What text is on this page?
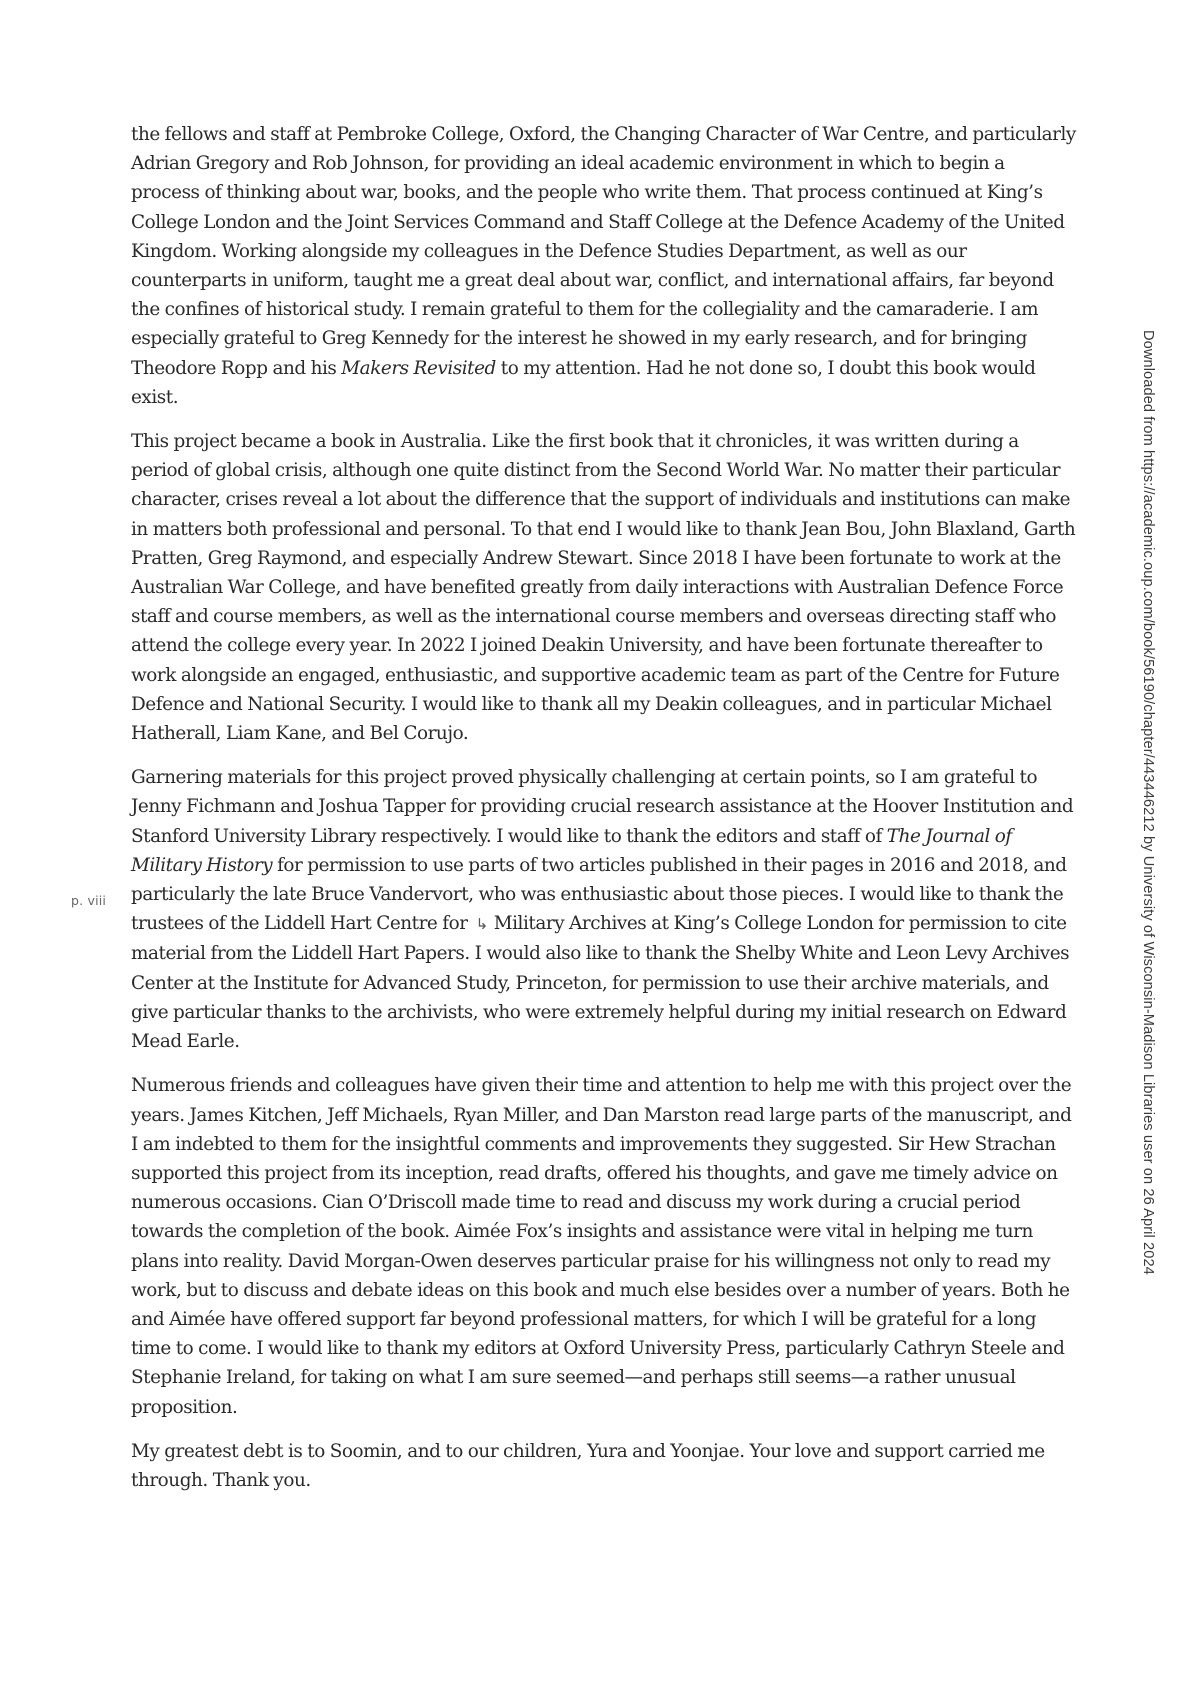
the fellows and staff at Pembroke College, Oxford, the Changing Character of War Centre, and particularly Adrian Gregory and Rob Johnson, for providing an ideal academic environment in which to begin a process of thinking about war, books, and the people who write them. That process continued at King’s College London and the Joint Services Command and Staff College at the Defence Academy of the United Kingdom. Working alongside my colleagues in the Defence Studies Department, as well as our counterparts in uniform, taught me a great deal about war, conflict, and international affairs, far beyond the confines of historical study. I remain grateful to them for the collegiality and the camaraderie. I am especially grateful to Greg Kennedy for the interest he showed in my early research, and for bringing Theodore Ropp and his Makers Revisited to my attention. Had he not done so, I doubt this book would exist.

This project became a book in Australia. Like the first book that it chronicles, it was written during a period of global crisis, although one quite distinct from the Second World War. No matter their particular character, crises reveal a lot about the difference that the support of individuals and institutions can make in matters both professional and personal. To that end I would like to thank Jean Bou, John Blaxland, Garth Pratten, Greg Raymond, and especially Andrew Stewart. Since 2018 I have been fortunate to work at the Australian War College, and have benefited greatly from daily interactions with Australian Defence Force staff and course members, as well as the international course members and overseas directing staff who attend the college every year. In 2022 I joined Deakin University, and have been fortunate thereafter to work alongside an engaged, enthusiastic, and supportive academic team as part of the Centre for Future Defence and National Security. I would like to thank all my Deakin colleagues, and in particular Michael Hatherall, Liam Kane, and Bel Corujo.

Garnering materials for this project proved physically challenging at certain points, so I am grateful to Jenny Fichmann and Joshua Tapper for providing crucial research assistance at the Hoover Institution and Stanford University Library respectively. I would like to thank the editors and staff of The Journal of Military History for permission to use parts of two articles published in their pages in 2016 and 2018, and particularly the late Bruce Vandervort, who was enthusiastic about those pieces. I would like to thank the trustees of the Liddell Hart Centre for ↳ Military Archives at King’s College London for permission to cite material from the Liddell Hart Papers. I would also like to thank the Shelby White and Leon Levy Archives Center at the Institute for Advanced Study, Princeton, for permission to use their archive materials, and give particular thanks to the archivists, who were extremely helpful during my initial research on Edward Mead Earle.

Numerous friends and colleagues have given their time and attention to help me with this project over the years. James Kitchen, Jeff Michaels, Ryan Miller, and Dan Marston read large parts of the manuscript, and I am indebted to them for the insightful comments and improvements they suggested. Sir Hew Strachan supported this project from its inception, read drafts, offered his thoughts, and gave me timely advice on numerous occasions. Cian O’Driscoll made time to read and discuss my work during a crucial period towards the completion of the book. Aimée Fox’s insights and assistance were vital in helping me turn plans into reality. David Morgan-Owen deserves particular praise for his willingness not only to read my work, but to discuss and debate ideas on this book and much else besides over a number of years. Both he and Aimée have offered support far beyond professional matters, for which I will be grateful for a long time to come. I would like to thank my editors at Oxford University Press, particularly Cathryn Steele and Stephanie Ireland, for taking on what I am sure seemed—and perhaps still seems—a rather unusual proposition.

My greatest debt is to Soomin, and to our children, Yura and Yoonjae. Your love and support carried me through. Thank you.

p. viii	Downloaded from https://academic.oup.com/book/56190/chapter/443446212 by University of Wisconsin-Madison Libraries user on 26 April 2024
